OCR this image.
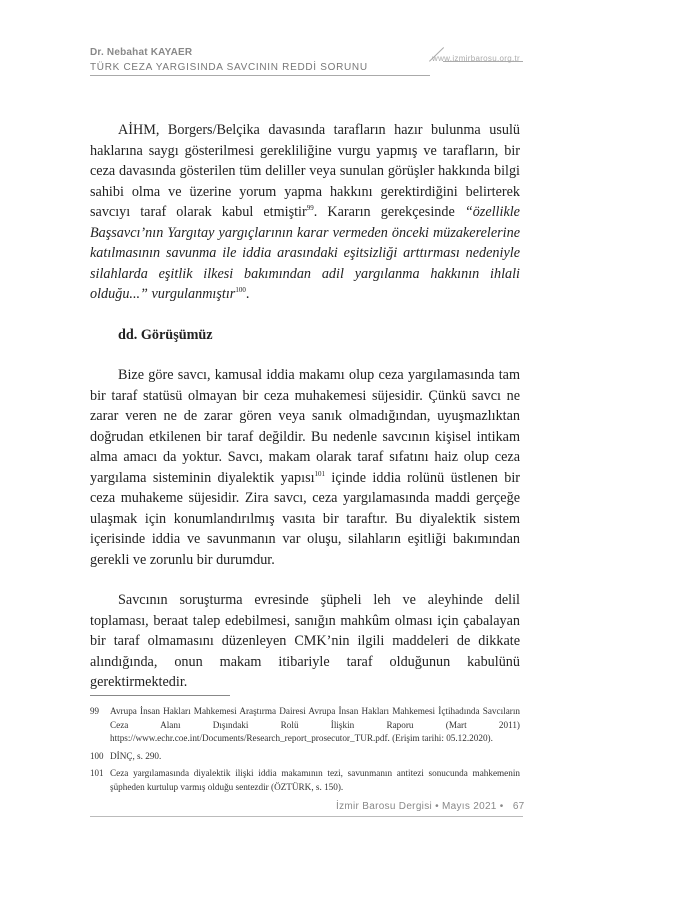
Dr. Nebahat KAYAER
TÜRK CEZA YARGISINDA SAVCININ REDDİ SORUNU
www.izmirbarosu.org.tr

AİHM, Borgers/Belçika davasında tarafların hazır bulunma usulü haklarına saygı gösterilmesi gerekliliğine vurgu yapmış ve tarafların, bir ceza davasında gösterilen tüm deliller veya sunulan görüşler hakkında bilgi sahibi olma ve üzerine yorum yapma hakkını gerektirdiğini belirterek savcıyı taraf olarak kabul etmiştir$^{99}$. Kararın gerekçesinde “özellikle Başsavcı’nın Yargıtay yargıçlarının karar vermeden önceki müzakerelerine katılmasının savunma ile iddia arasındaki eşitsizliği arttırması nedeniyle silahlarda eşitlik ilkesi bakımından adil yargılanma hakkının ihlali olduğu...” vurgulanmıştır$^{100}$.

dd. Görüşümüz

Bize göre savcı, kamusal iddia makamı olup ceza yargılamasında tam bir taraf statüsü olmayan bir ceza muhakemesi süjesidir. Çünkü savcı ne zarar veren ne de zarar gören veya sanık olmadığından, uyuşmazlıktan doğrudan etkilenen bir taraf değildir. Bu nedenle savcının kişisel intikam alma amacı da yoktur. Savcı, makam olarak taraf sıfatını haiz olup ceza yargılama sisteminin diyalektik yapısı$^{101}$ içinde iddia rolünü üstlenen bir ceza muhakeme süjesidir. Zira savcı, ceza yargılamasında maddi gerçeğe ulaşmak için konumlandırılmış vasıta bir taraftır. Bu diyalektik sistem içerisinde iddia ve savunmanın var oluşu, silahların eşitliği bakımından gerekli ve zorunlu bir durumdur.

Savcının soruşturma evresinde şüpheli leh ve aleyhinde delil toplaması, beraat talep edebilmesi, sanığın mahkûm olması için çabalayan bir taraf olmamasını düzenleyen CMK’nin ilgili maddeleri de dikkate alındığında, onun makam itibariyle taraf olduğunun kabulünü gerektirmektedir.

99	Avrupa İnsan Hakları Mahkemesi Araştırma Dairesi Avrupa İnsan Hakları Mahkemesi İçtihadında Savcıların Ceza Alanı Dışındaki Rolü İlişkin Raporu (Mart 2011) https://www.echr.coe.int/Documents/Research_report_prosecutor_TUR.pdf. (Erişim tarihi: 05.12.2020).
100 DİNÇ, s. 290.
101 Ceza yargılamasında diyalektik ilişki iddia makamının tezi, savunmanın antitezi sonucunda mahkemenin şüpheden kurtulup varmış olduğu sentezdir (ÖZTÜRK, s. 150).
İzmir Barosu Dergisi • Mayıs 2021 • 67
